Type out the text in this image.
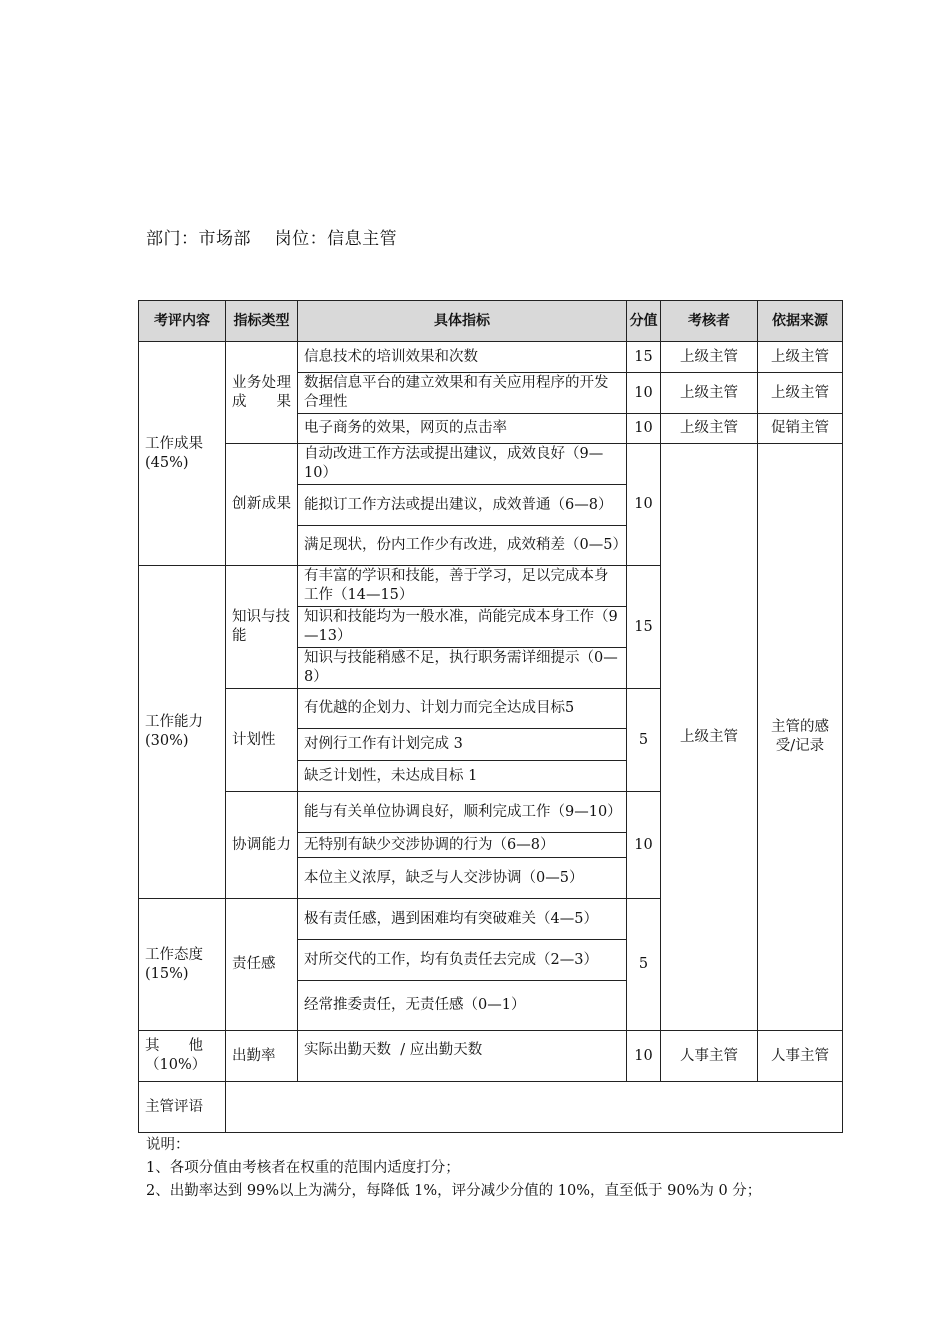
部门：市场部    岗位：信息主管
考评内容	指标类型	具体指标	分值	考核者	依据来源
工作成果(45%)	业务处理成果	信息技术的培训效果和次数	15	上级主管	上级主管
		数据信息平台的建立效果和有关应用程序的开发合理性	10	上级主管	上级主管
		电子商务的效果，网页的点击率	10	上级主管	促销主管
	创新成果	自动改进工作方法或提出建议，成效良好（9—10）	10	上级主管	主管的感受/记录
		能拟订工作方法或提出建议，成效普通（6—8）			
		满足现状，份内工作少有改进，成效稍差（0—5）			
工作能力(30%)	知识与技能	有丰富的学识和技能，善于学习，足以完成本身工作（14—15）	15		
		知识和技能均为一般水准，尚能完成本身工作（9—13）			
		知识与技能稍感不足，执行职务需详细提示（0—8）			
	计划性	有优越的企划力、计划力而完全达成目标5	5		
		对例行工作有计划完成 3			
		缺乏计划性，未达成目标 1			
	协调能力	能与有关单位协调良好，顺利完成工作（9—10）	10		
		无特别有缺少交涉协调的行为（6—8）			
		本位主义浓厚，缺乏与人交涉协调（0—5）			
工作态度(15%)	责任感	极有责任感，遇到困难均有突破难关（4—5）	5		
		对所交代的工作，均有负责任去完成（2—3）			
		经常推委责任，无责任感（0—1）			
其　　他（10%）	出勤率	实际出勤天数  / 应出勤天数	10	人事主管	人事主管
主管评语					
说明：
1、各项分值由考核者在权重的范围内适度打分；
2、出勤率达到 99%以上为满分，每降低 1%，评分减少分值的 10%，直至低于 90%为 0 分；
